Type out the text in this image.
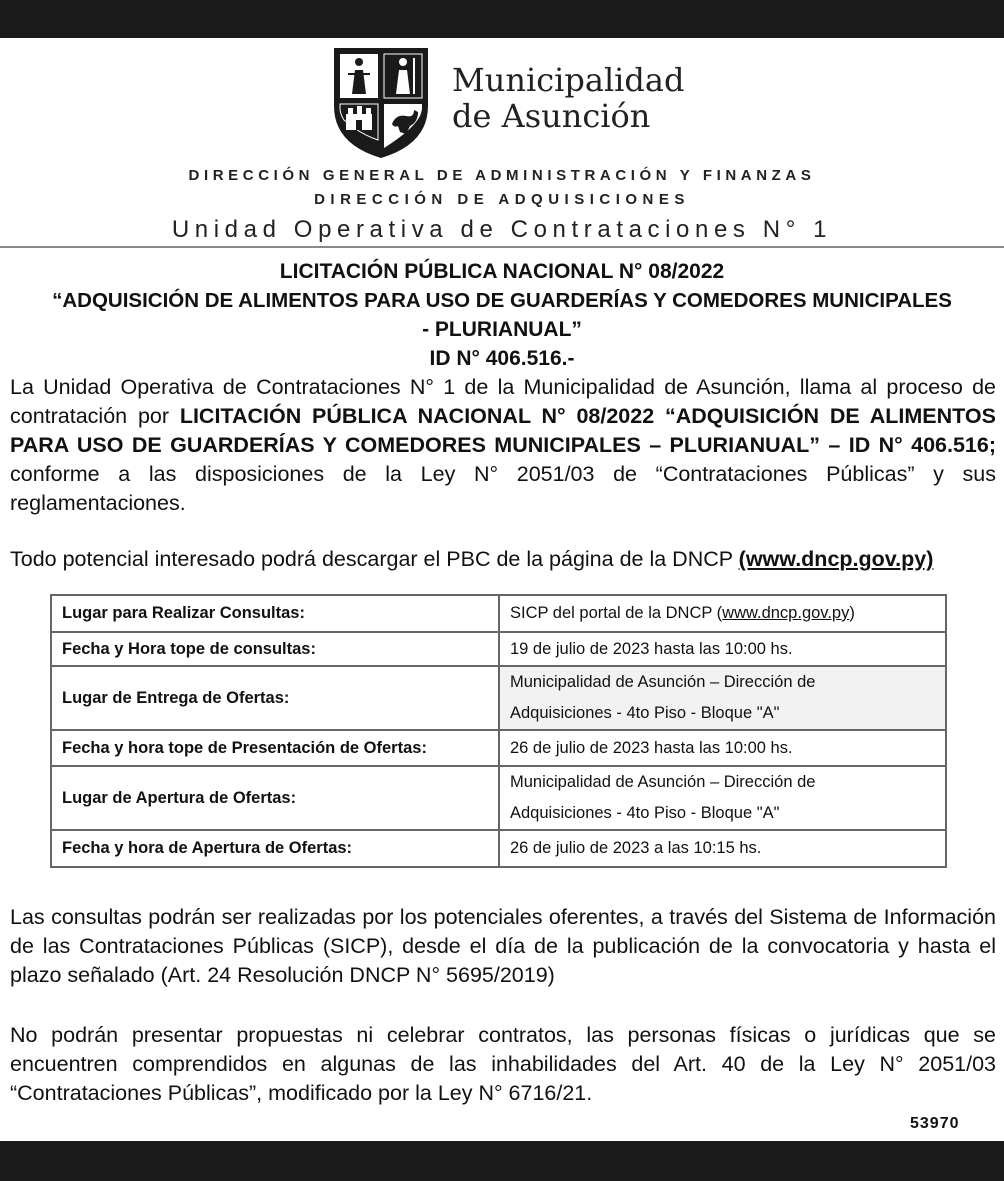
Municipalidad
de Asunción
DIRECCIÓN GENERAL DE ADMINISTRACIÓN Y FINANZAS
DIRECCIÓN DE ADQUISICIONES
Unidad Operativa de Contrataciones N° 1
LICITACIÓN PÚBLICA NACIONAL N° 08/2022
“ADQUISICIÓN DE ALIMENTOS PARA USO DE GUARDERÍAS Y COMEDORES MUNICIPALES
- PLURIANUAL”
ID N° 406.516.-
La Unidad Operativa de Contrataciones N° 1 de la Municipalidad de Asunción, llama al proceso de contratación por LICITACIÓN PÚBLICA NACIONAL N° 08/2022 “ADQUISICIÓN DE ALIMENTOS PARA USO DE GUARDERÍAS Y COMEDORES MUNICIPALES – PLURIANUAL” – ID N° 406.516; conforme a las disposiciones de la Ley N° 2051/03 de “Contrataciones Públicas” y sus reglamentaciones.
Todo potencial interesado podrá descargar el PBC de la página de la DNCP (www.dncp.gov.py)
Lugar para Realizar Consultas:	SICP del portal de la DNCP (www.dncp.gov.py)
Fecha y Hora tope de consultas:	19 de julio de 2023 hasta las 10:00 hs.
Lugar de Entrega de Ofertas:	Municipalidad de Asunción – Dirección de
Adquisiciones - 4to Piso - Bloque "A"

Fecha y hora tope de Presentación de Ofertas:	26 de julio de 2023 hasta las 10:00 hs.
Lugar de Apertura de Ofertas:	Municipalidad de Asunción – Dirección de
Adquisiciones - 4to Piso - Bloque "A"

Fecha y hora de Apertura de Ofertas:	26 de julio de 2023 a las 10:15 hs.
Las consultas podrán ser realizadas por los potenciales oferentes, a través del Sistema de Información de las Contrataciones Públicas (SICP), desde el día de la publicación de la convocatoria y hasta el plazo señalado (Art. 24 Resolución DNCP N° 5695/2019)
No podrán presentar propuestas ni celebrar contratos, las personas físicas o jurídicas que se encuentren comprendidos en algunas de las inhabilidades del Art. 40 de la Ley N° 2051/03 “Contrataciones Públicas”, modificado por la Ley N° 6716/21.
53970
